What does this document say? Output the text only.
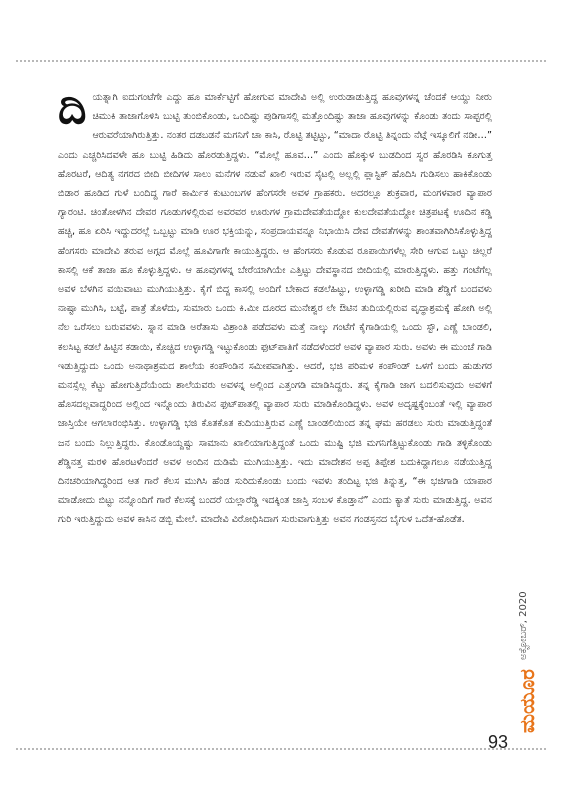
ದಿ ಯತ್ನಾಗಿ ಐದುಗಂಟೆಗೇ ಎದ್ದು ಹೂ ಮಾರ್ಕೆಟ್ಟಿಗೆ ಹೋಗುವ ಮಾದೇವಿ ಅಲ್ಲಿ ಉರುಡಾಡುತ್ತಿದ್ದ ಹೂವುಗಳನ್ನ ಚೆಂದಕೆ ಆಯ್ದು ನೀರು ಚಿಮುಕಿ ತಾಜಾಗೊಳಿಸಿ ಬುಟ್ಟಿ ತುಂಬಿಕೊಂಡು, ಒಂದಿಷ್ಟು ಪುಡಿಗಾಸಲ್ಲಿ ಮತ್ತೊಂದಿಷ್ಟು ತಾಜಾ ಹೂವುಗಳನ್ನು ಕೊಂಡು ತಂದು ಸಾಪ್ಟರಲ್ಲಿ ಆರುವರೆಯಾಗಿರುತ್ತಿತ್ತು. ನಂತರ ದಡಬಡನೆ ಮಗನಿಗೆ ಚಾ ಕಾಸಿ, ರೊಟ್ಟಿ ತಟ್ಟಿಟ್ಟು, “ಮಾದಾ ರೊಟ್ಟಿ ತಿನ್ನಂದು ನೆಟ್ಗೆ ಇಸ್ಕೂಲಿಗೆ ನಡೀ…” ಎಂದು ಎಚ್ಚರಿಸಿದವಳೇ ಹೂ ಬುಟ್ಟಿ ಹಿಡಿದು ಹೊರಡುತ್ತಿದ್ದಳು. “ಮೊಲ್ಲೆ ಹೂವ…” ಎಂದು ಹೊಕ್ಕುಳ ಬುಡದಿಂದ ಸ್ವರ ಹೊರಡಿಸಿ ಕೂಗುತ್ತ ಹೊರಟರೆ, ಆದಿತ್ಯ ನಗರದ ಬೀದಿ ಬೀದಿಗಳ ಸಾಲು ಮನೆಗಳ ನಡುವೆ ಖಾಲಿ ಇರುವ ಸೈಟಲ್ಲಿ ಅಲ್ಲಲ್ಲಿ ಪ್ಲಾಸ್ಟಿಕ್ ಹೊದಿಸಿ ಗುಡಿಸಲು ಹಾಕಿಕೊಂಡು ಬಿಡಾರ ಹೂಡಿದ ಗುಳೆ ಬಂದಿದ್ದ ಗಾರೆ ಕಾರ್ಮಿಕ ಕುಟುಂಬಗಳ ಹೆಂಗಸರೇ ಅವಳ ಗ್ರಾಹಕರು. ಅದರಲ್ಲೂ ಶುಕ್ರವಾರ, ಮಂಗಳವಾರ ವ್ಯಾಪಾರ ಗ್ಯಾರಂಟಿ. ಚಿಂತೋಳಗಿನ ದೇವರ ಗೂಡುಗಳಲ್ಲಿರುವ ಅವರವರ ಊರುಗಳ ಗ್ರಾಮದೇವತೆಯದ್ದೋ ಕುಲದೇವತೆಯದ್ದೋ ಚಿತ್ರಪಟಕ್ಕೆ ಊದಿನ ಕಡ್ಡಿ ಹಚ್ಚಿ, ಹೂ ಏರಿಸಿ ಇದ್ದುದರಲ್ಲೆ ಒಬ್ಬಟ್ಟು ಮಾಡಿ ಊರ ಭಕ್ತಿಯನ್ನು, ಸಂಪ್ರದಾಯವನ್ನೂ ನಿಭಾಯಿಸಿ ದೇವ ದೇವತೆಗಳನ್ನು ಶಾಂತವಾಗಿರಿಸಿಕೊಳ್ಳುತ್ತಿದ್ದ ಹೆಂಗಸರು ಮಾದೇವಿ ತರುವ ಅಗ್ಗದ ಮೊಲ್ಲೆ ಹೂವಿಗಾಗೇ ಕಾಯುತ್ತಿದ್ದರು. ಆ ಹೆಂಗಸರು ಕೊಡುವ ರೂಪಾಯಿಗಳೆಲ್ಲ ಸೇರಿ ಆಗುವ ಒಟ್ಟು ಚಿಲ್ಲರೆ ಕಾಸಲ್ಲಿ ಆಕೆ ತಾಜಾ ಹೂ ಕೊಳ್ಳುತ್ತಿದ್ದಳು. ಆ ಹೂವುಗಳನ್ನ ಬೇರೆಯಾಗಿಯೇ ಎತ್ತಿಟ್ಟು ದೇವಸ್ಥಾನದ ಬೀದಿಯಲ್ಲಿ ಮಾರುತ್ತಿದ್ದಳು. ಹತ್ತು ಗಂಟೆಗೆಲ್ಲ ಅವಳ ಬೆಳಗಿನ ವಯಿವಾಟು ಮುಗಿಯುತ್ತಿತ್ತು. ಕೈಗೆ ಬಿದ್ದ ಕಾಸಲ್ಲಿ ಅಂದಿಗೆ ಬೇಕಾದ ಕಡಲೆಹಿಟ್ಟು, ಉಳ್ಳಾಗಡ್ಡಿ ಖರೀದಿ ಮಾಡಿ ಶೆಡ್ಡಿಗೆ ಬಂದವಳು ನಾಷ್ಟಾ ಮುಗಿಸಿ, ಬಟ್ಟೆ, ಪಾತ್ರೆ ತೊಳೆದು, ಸುಮಾರು ಒಂದು ಕಿ.ಮೀ ದೂರದ ಮುನೇಶ್ವರ ಲೇ ಔಟಿನ ತುದಿಯಲ್ಲಿರುವ ವೃದ್ಧಾಶ್ರಮಕ್ಕೆ ಹೋಗಿ ಅಲ್ಲಿ ನೆಲ ಒರೆಸಲು ಬರುವವಳು. ಸ್ನಾನ ಮಾಡಿ ಅರೆತಾಸು ವಿಶ್ರಾಂತಿ ಪಡೆದವಳು ಮತ್ತೆ ನಾಲ್ಕು ಗಂಟೆಗೆ ಕೈಗಾಡಿಯಲ್ಲಿ ಒಂದು ಸ್ಟೌ, ಎಣ್ಣೆ ಬಾಂಡಲಿ, ಕಲಸಿಟ್ಟ ಕಡಲೆ ಹಿಟ್ಟಿನ ಕಡಾಯಿ, ಕೊಚ್ಚಿದ ಉಳ್ಳಾಗಡ್ಡಿ ಇಟ್ಟುಕೊಂಡು ಫುಟ್‌ಪಾತಿಗೆ ನಡೆದಳೆಂದರೆ ಅವಳ ವ್ಯಾಪಾರ ಸುರು. ಅವಳು ಈ ಮುಂಚೆ ಗಾಡಿ ಇಡುತ್ತಿದ್ದುದು ಒಂದು ಅನಾಥಾಶ್ರಮದ ಶಾಲೆಯ ಕಂಪೌಂಡಿನ ಸಮೀಪವಾಗಿತ್ತು. ಆದರೆ, ಭಜಿ ಪರಿಮಳ ಕಂಪೌಂಡ್ ಒಳಗೆ ಬಂದು ಹುಡುಗರ ಮನಸ್ಸೆಲ್ಲ ಕೆಟ್ಟು ಹೋಗುತ್ತಿದೆಯೆಂದು ಶಾಲೆಯವರು ಅವಳನ್ನ ಅಲ್ಲಿಂದ ಎತ್ತಂಗಡಿ ಮಾಡಿಸಿದ್ದರು. ತನ್ನ ಕೈಗಾಡಿ ಜಾಗ ಬದಲಿಸುವುದು ಅವಳಿಗೆ ಹೊಸದಲ್ಲವಾದ್ದರಿಂದ ಅಲ್ಲಿಂದ ಇನ್ನೊಂದು ತಿರುವಿನ ಫುಟ್‌ಪಾತಲ್ಲಿ ವ್ಯಾಪಾರ ಸುರು ಮಾಡಿಕೊಂಡಿದ್ದಳು. ಅವಳ ಅದೃಷ್ಟಕ್ಕೆಂಬಂತೆ ಇಲ್ಲಿ ವ್ಯಾಪಾರ ಜಾಸ್ತಿಯೇ ಆಗಲಾರಂಭಿಸಿತ್ತು. ಉಳ್ಳಾಗಡ್ಡಿ ಭಜಿ ಕೊತಕೊತ ಕುದಿಯುತ್ತಿರುವ ಎಣ್ಣೆ ಬಾಂಡಲಿಯಿಂದ ತನ್ನ ಘಮ ಹರಡಲು ಸುರು ಮಾಡುತ್ತಿದ್ದಂತೆ ಜನ ಬಂದು ನಿಲ್ಲುತ್ತಿದ್ದರು. ಕೊಂಡೊಯ್ದಷ್ಟು ಸಾಮಾನು ಖಾಲಿಯಾಗುತ್ತಿದ್ದಂತೆ ಒಂದು ಮುಷ್ಟಿ ಭಜಿ ಮಗನಿಗೆತ್ತಿಟ್ಟುಕೊಂಡು ಗಾಡಿ ತಳ್ಳಿಕೊಂಡು ಶೆಡ್ಡಿನತ್ತ ಮರಳಿ ಹೊರಟಳೆಂದರೆ ಅವಳ ಅಂದಿನ ದುಡಿಮೆ ಮುಗಿಯುತ್ತಿತ್ತು. ಇದು ಮಾದೇಶನ ಅಪ್ಪ ತಿಪ್ಪೇಶ ಬದುಕಿದ್ದಾಗಲೂ ನಡೆಯುತ್ತಿದ್ದ ದಿನಚರಿಯಾಗಿದ್ದರಿಂದ ಆತ ಗಾರೆ ಕೆಲಸ ಮುಗಿಸಿ ಹೆಂಡ ಸುರಿದುಕೊಂಡು ಬಂದು ಇವಳು ತಂದಿಟ್ಟ ಭಜಿ ತಿನ್ನುತ್ತ, “ಈ ಭಜಿಗಾಡಿ ಯಾಪಾರ ಮಾಡೋದು ಬಿಟ್ಟು ನನ್ನೊಂದಿಗೆ ಗಾರೆ ಕೆಲಸಕ್ಕೆ ಬಂದರೆ ಯಲ್ಲಾರೆಡ್ಡಿ ಇದಕ್ಕಿಂತ ಜಾಸ್ತಿ ಸಂಬಳ ಕೊಡ್ತಾನೆ” ಎಂದು ಕ್ಯಾತೆ ಸುರು ಮಾಡುತ್ತಿದ್ದ. ಅವನ ಗುರಿ ಇರುತ್ತಿದ್ದುದು ಅವಳ ಕಾಸಿನ ಡಬ್ಬಿ ಮೇಲೆ. ಮಾದೇವಿ ವಿರೋಧಿಸಿದಾಗ ಸುರುವಾಗುತ್ತಿತ್ತು ಅವನ ಗಂಡಸ್ತನದ ಬೈಗುಳ ಒದೆತ-ಹೊಡೆತ.

ಅಕ್ಟೋಬರ್, 2020
ಮಯೂರ
93
